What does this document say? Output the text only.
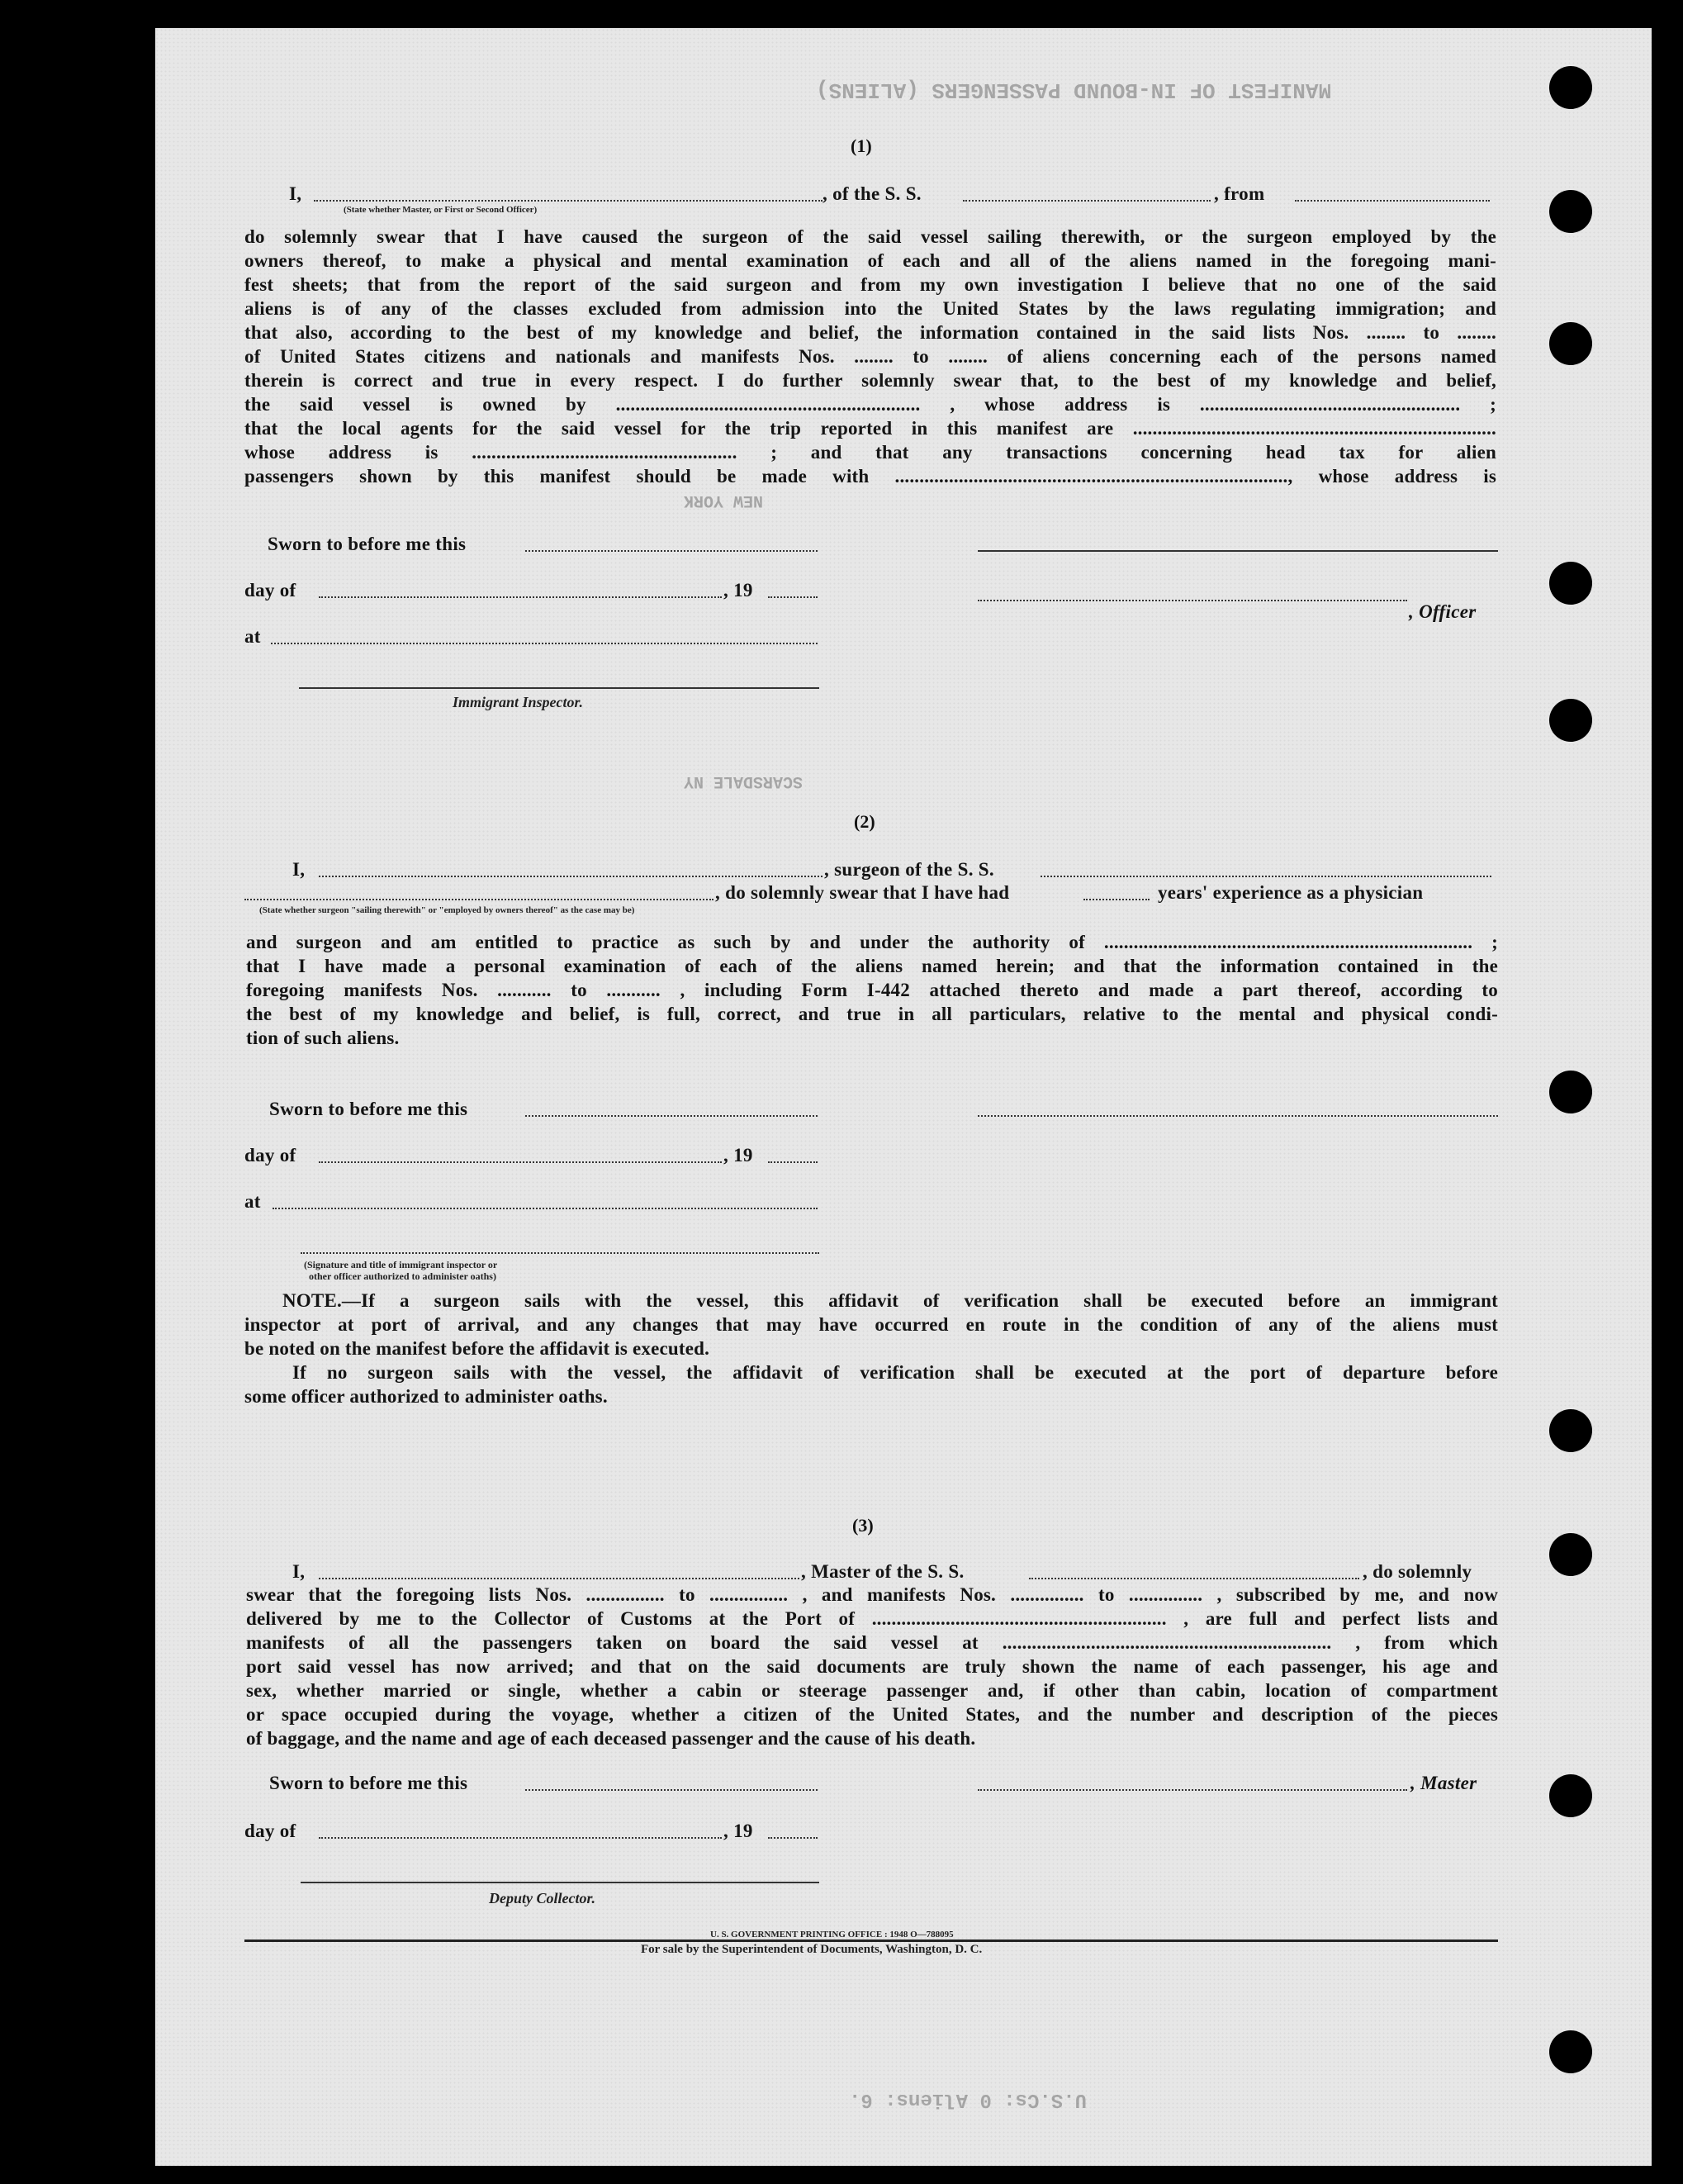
MANIFEST OF IN-BOUND PASSENGERS (ALIENS)
NEW YORK
SCARSDALE NY
(1)
I,	, of the S. S.	, from
(State whether Master, or First or Second Officer)
do solemnly swear that I have caused the surgeon of the said vessel sailing therewith, or the surgeon employed by the
owners thereof, to make a physical and mental examination of each and all of the aliens named in the foregoing mani-
fest sheets; that from the report of the said surgeon and from my own investigation I believe that no one of the said
aliens is of any of the classes excluded from admission into the United States by the laws regulating immigration; and
that also, according to the best of my knowledge and belief, the information contained in the said lists Nos. ........ to ........
of United States citizens and nationals and manifests Nos. ........ to ........ of aliens concerning each of the persons named
therein is correct and true in every respect. I do further solemnly swear that, to the best of my knowledge and belief,
the said vessel is owned by .............................................................. , whose address is ..................................................... ;
that the local agents for the said vessel for the trip reported in this manifest are ..........................................................................
whose address is ...................................................... ; and that any transactions concerning head tax for alien
passengers shown by this manifest should be made with ................................................................................, whose address is
Sworn to before me this
day of	, 19
, Officer
at
Immigrant Inspector.
(2)
I,	, surgeon of the S. S.
, do solemnly swear that I have had	years' experience as a physician
(State whether surgeon "sailing therewith" or "employed by owners thereof" as the case may be)
and surgeon and am entitled to practice as such by and under the authority of ........................................................................... ;
that I have made a personal examination of each of the aliens named herein; and that the information contained in the
foregoing manifests Nos. ........... to ........... , including Form I-442 attached thereto and made a part thereof, according to
the best of my knowledge and belief, is full, correct, and true in all particulars, relative to the mental and physical condi-
tion of such aliens.
Sworn to before me this
day of	, 19
at
(Signature and title of immigrant inspector or
other officer authorized to administer oaths)
NOTE.—If a surgeon sails with the vessel, this affidavit of verification shall be executed before an immigrant
inspector at port of arrival, and any changes that may have occurred en route in the condition of any of the aliens must
be noted on the manifest before the affidavit is executed.
If no surgeon sails with the vessel, the affidavit of verification shall be executed at the port of departure before
some officer authorized to administer oaths.
(3)
I,	, Master of the S. S.	, do solemnly
swear that the foregoing lists Nos. ................ to ................ , and manifests Nos. ............... to ............... , subscribed by me, and now
delivered by me to the Collector of Customs at the Port of ............................................................ , are full and perfect lists and
manifests of all the passengers taken on board the said vessel at ................................................................... , from which
port said vessel has now arrived; and that on the said documents are truly shown the name of each passenger, his age and
sex, whether married or single, whether a cabin or steerage passenger and, if other than cabin, location of compartment
or space occupied during the voyage, whether a citizen of the United States, and the number and description of the pieces
of baggage, and the name and age of each deceased passenger and the cause of his death.
Sworn to before me this	, Master
day of	, 19
Deputy Collector.
U. S. GOVERNMENT PRINTING OFFICE : 1948 O—788095
For sale by the Superintendent of Documents, Washington, D. C.
U.S.Cs: 0 Aliens: 6.
